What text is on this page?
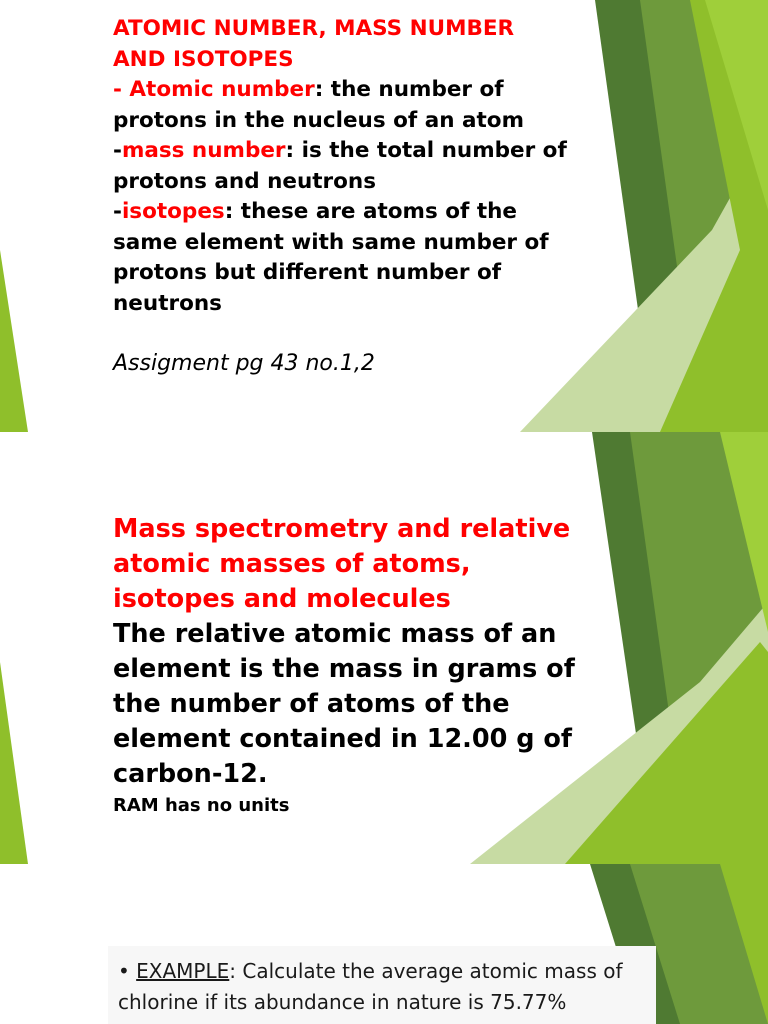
ATOMIC NUMBER, MASS NUMBER
AND ISOTOPES
- Atomic number: the number of
protons in the nucleus of an atom
-mass number: is the total number of
protons and neutrons
-isotopes: these are atoms of the
same element with same number of
protons but different number of
neutrons
Assigment pg 43 no.1,2
Mass spectrometry and relative
atomic masses of atoms,
isotopes and molecules
The relative atomic mass of an
element is the mass in grams of
the number of atoms of the
element contained in 12.00 g of
carbon-12.
RAM has no units
• EXAMPLE: Calculate the average atomic mass of
chlorine if its abundance in nature is 75.77%
